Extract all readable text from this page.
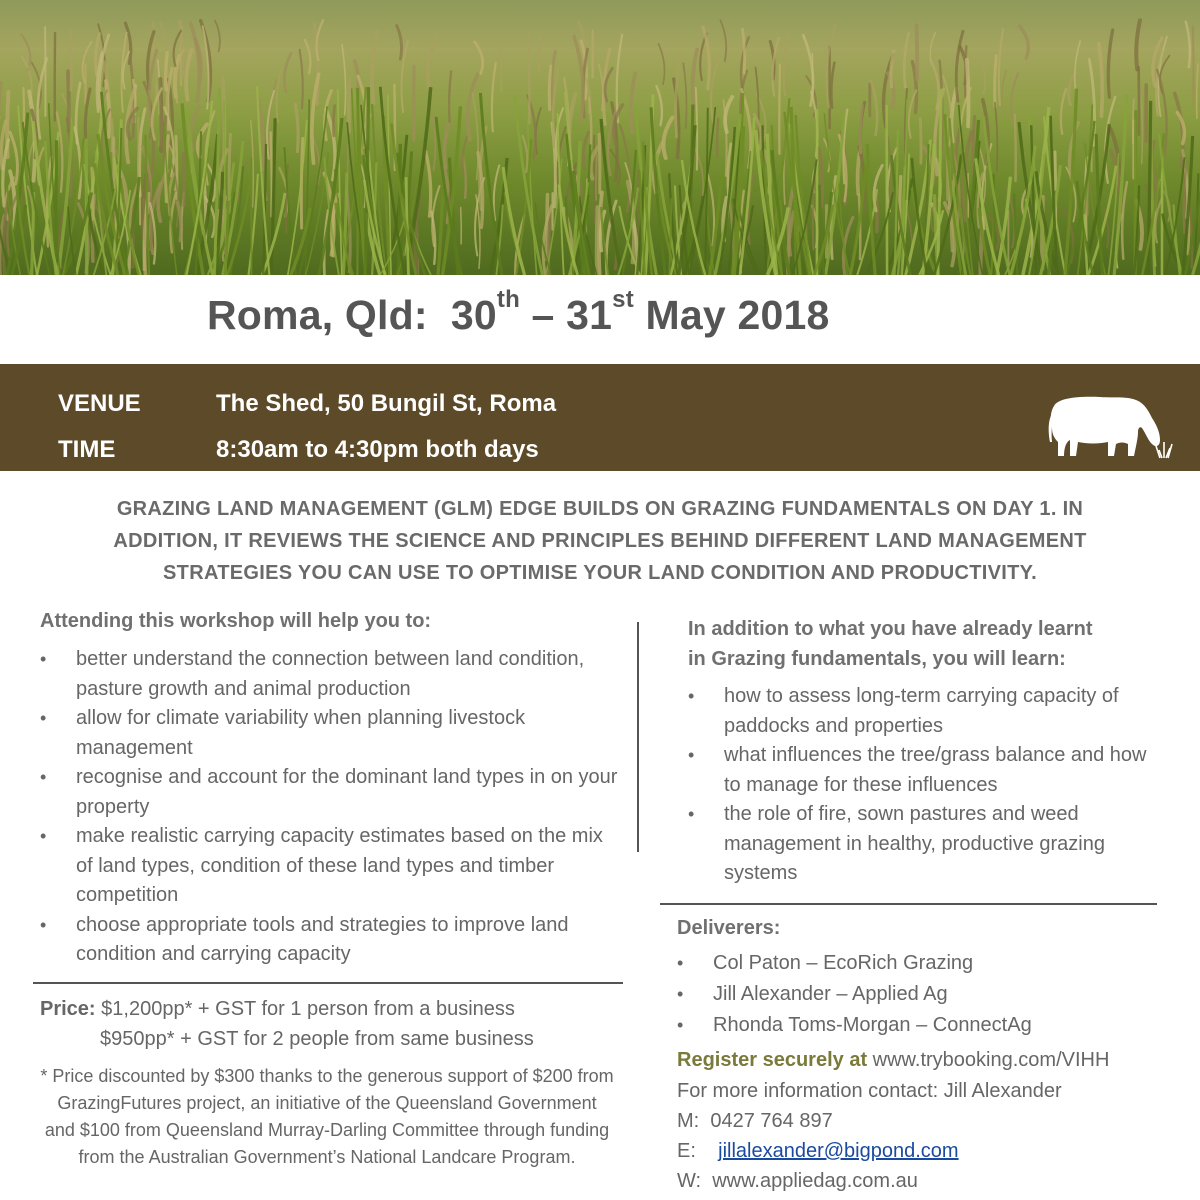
Roma, Qld: 30th – 31st May 2018
VENUE	The Shed, 50 Bungil St, Roma
TIME	8:30am to 4:30pm both days
GRAZING LAND MANAGEMENT (GLM) EDGE BUILDS ON GRAZING FUNDAMENTALS ON DAY 1. IN
ADDITION, IT REVIEWS THE SCIENCE AND PRINCIPLES BEHIND DIFFERENT LAND MANAGEMENT
STRATEGIES YOU CAN USE TO OPTIMISE YOUR LAND CONDITION AND PRODUCTIVITY.
Attending this workshop will help you to:
• better understand the connection between land condition, pasture growth and animal production
• allow for climate variability when planning livestock management
• recognise and account for the dominant land types in on your property
• make realistic carrying capacity estimates based on the mix of land types, condition of these land types and timber competition
• choose appropriate tools and strategies to improve land condition and carrying capacity
In addition to what you have already learnt
in Grazing fundamentals, you will learn:
• how to assess long-term carrying capacity of paddocks and properties
• what influences the tree/grass balance and how to manage for these influences
• the role of fire, sown pastures and weed management in healthy, productive grazing systems
Price: $1,200pp* + GST for 1 person from a business
$950pp* + GST for 2 people from same business
* Price discounted by $300 thanks to the generous support of $200 from GrazingFutures project, an initiative of the Queensland Government and $100 from Queensland Murray-Darling Committee through funding from the Australian Government’s National Landcare Program.
Deliverers:
• Col Paton – EcoRich Grazing
• Jill Alexander – Applied Ag
• Rhonda Toms-Morgan – ConnectAg
Register securely at www.trybooking.com/VIHH
For more information contact: Jill Alexander
M: 0427 764 897
E: jillalexander@bigpond.com
W: www.appliedag.com.au
